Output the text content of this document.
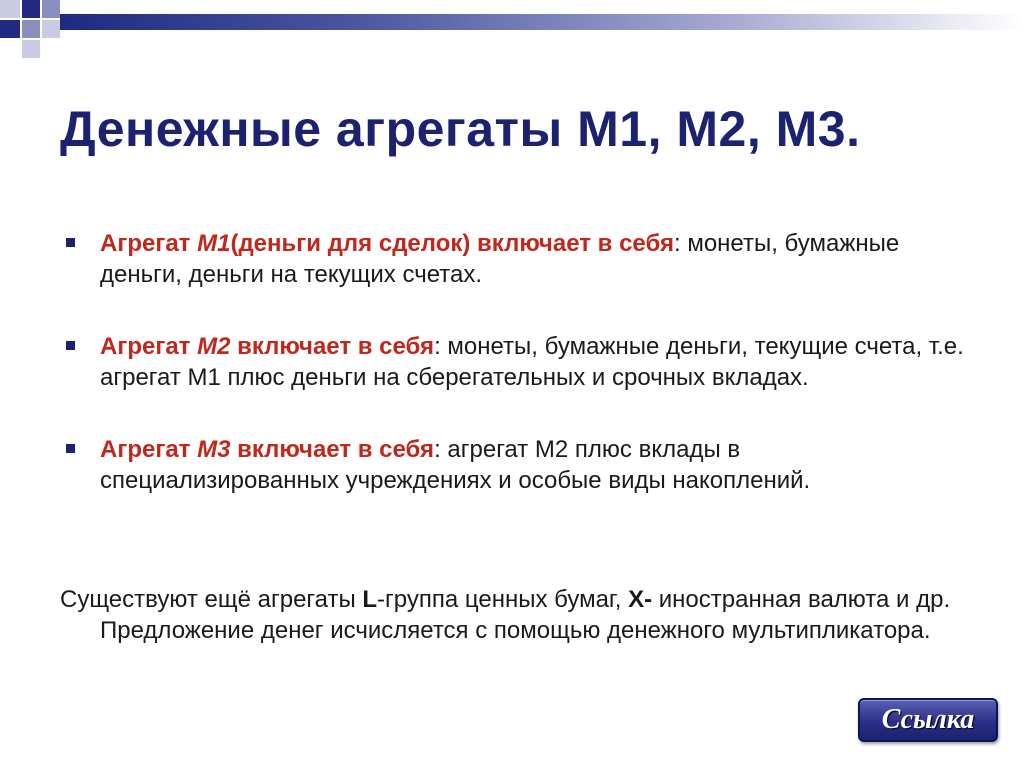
Денежные агрегаты М1, М2, М3.
Агрегат М1(деньги для сделок) включает в себя: монеты, бумажные деньги, деньги на текущих счетах.
Агрегат М2 включает в себя: монеты, бумажные деньги, текущие счета, т.е. агрегат М1 плюс деньги на сберегательных и срочных вкладах.
Агрегат М3 включает в себя: агрегат М2 плюс вклады в специализированных учреждениях и особые виды накоплений.
Существуют ещё агрегаты L-группа ценных бумаг, X- иностранная валюта и др. Предложение денег исчисляется с помощью денежного мультипликатора.
Ссылка
